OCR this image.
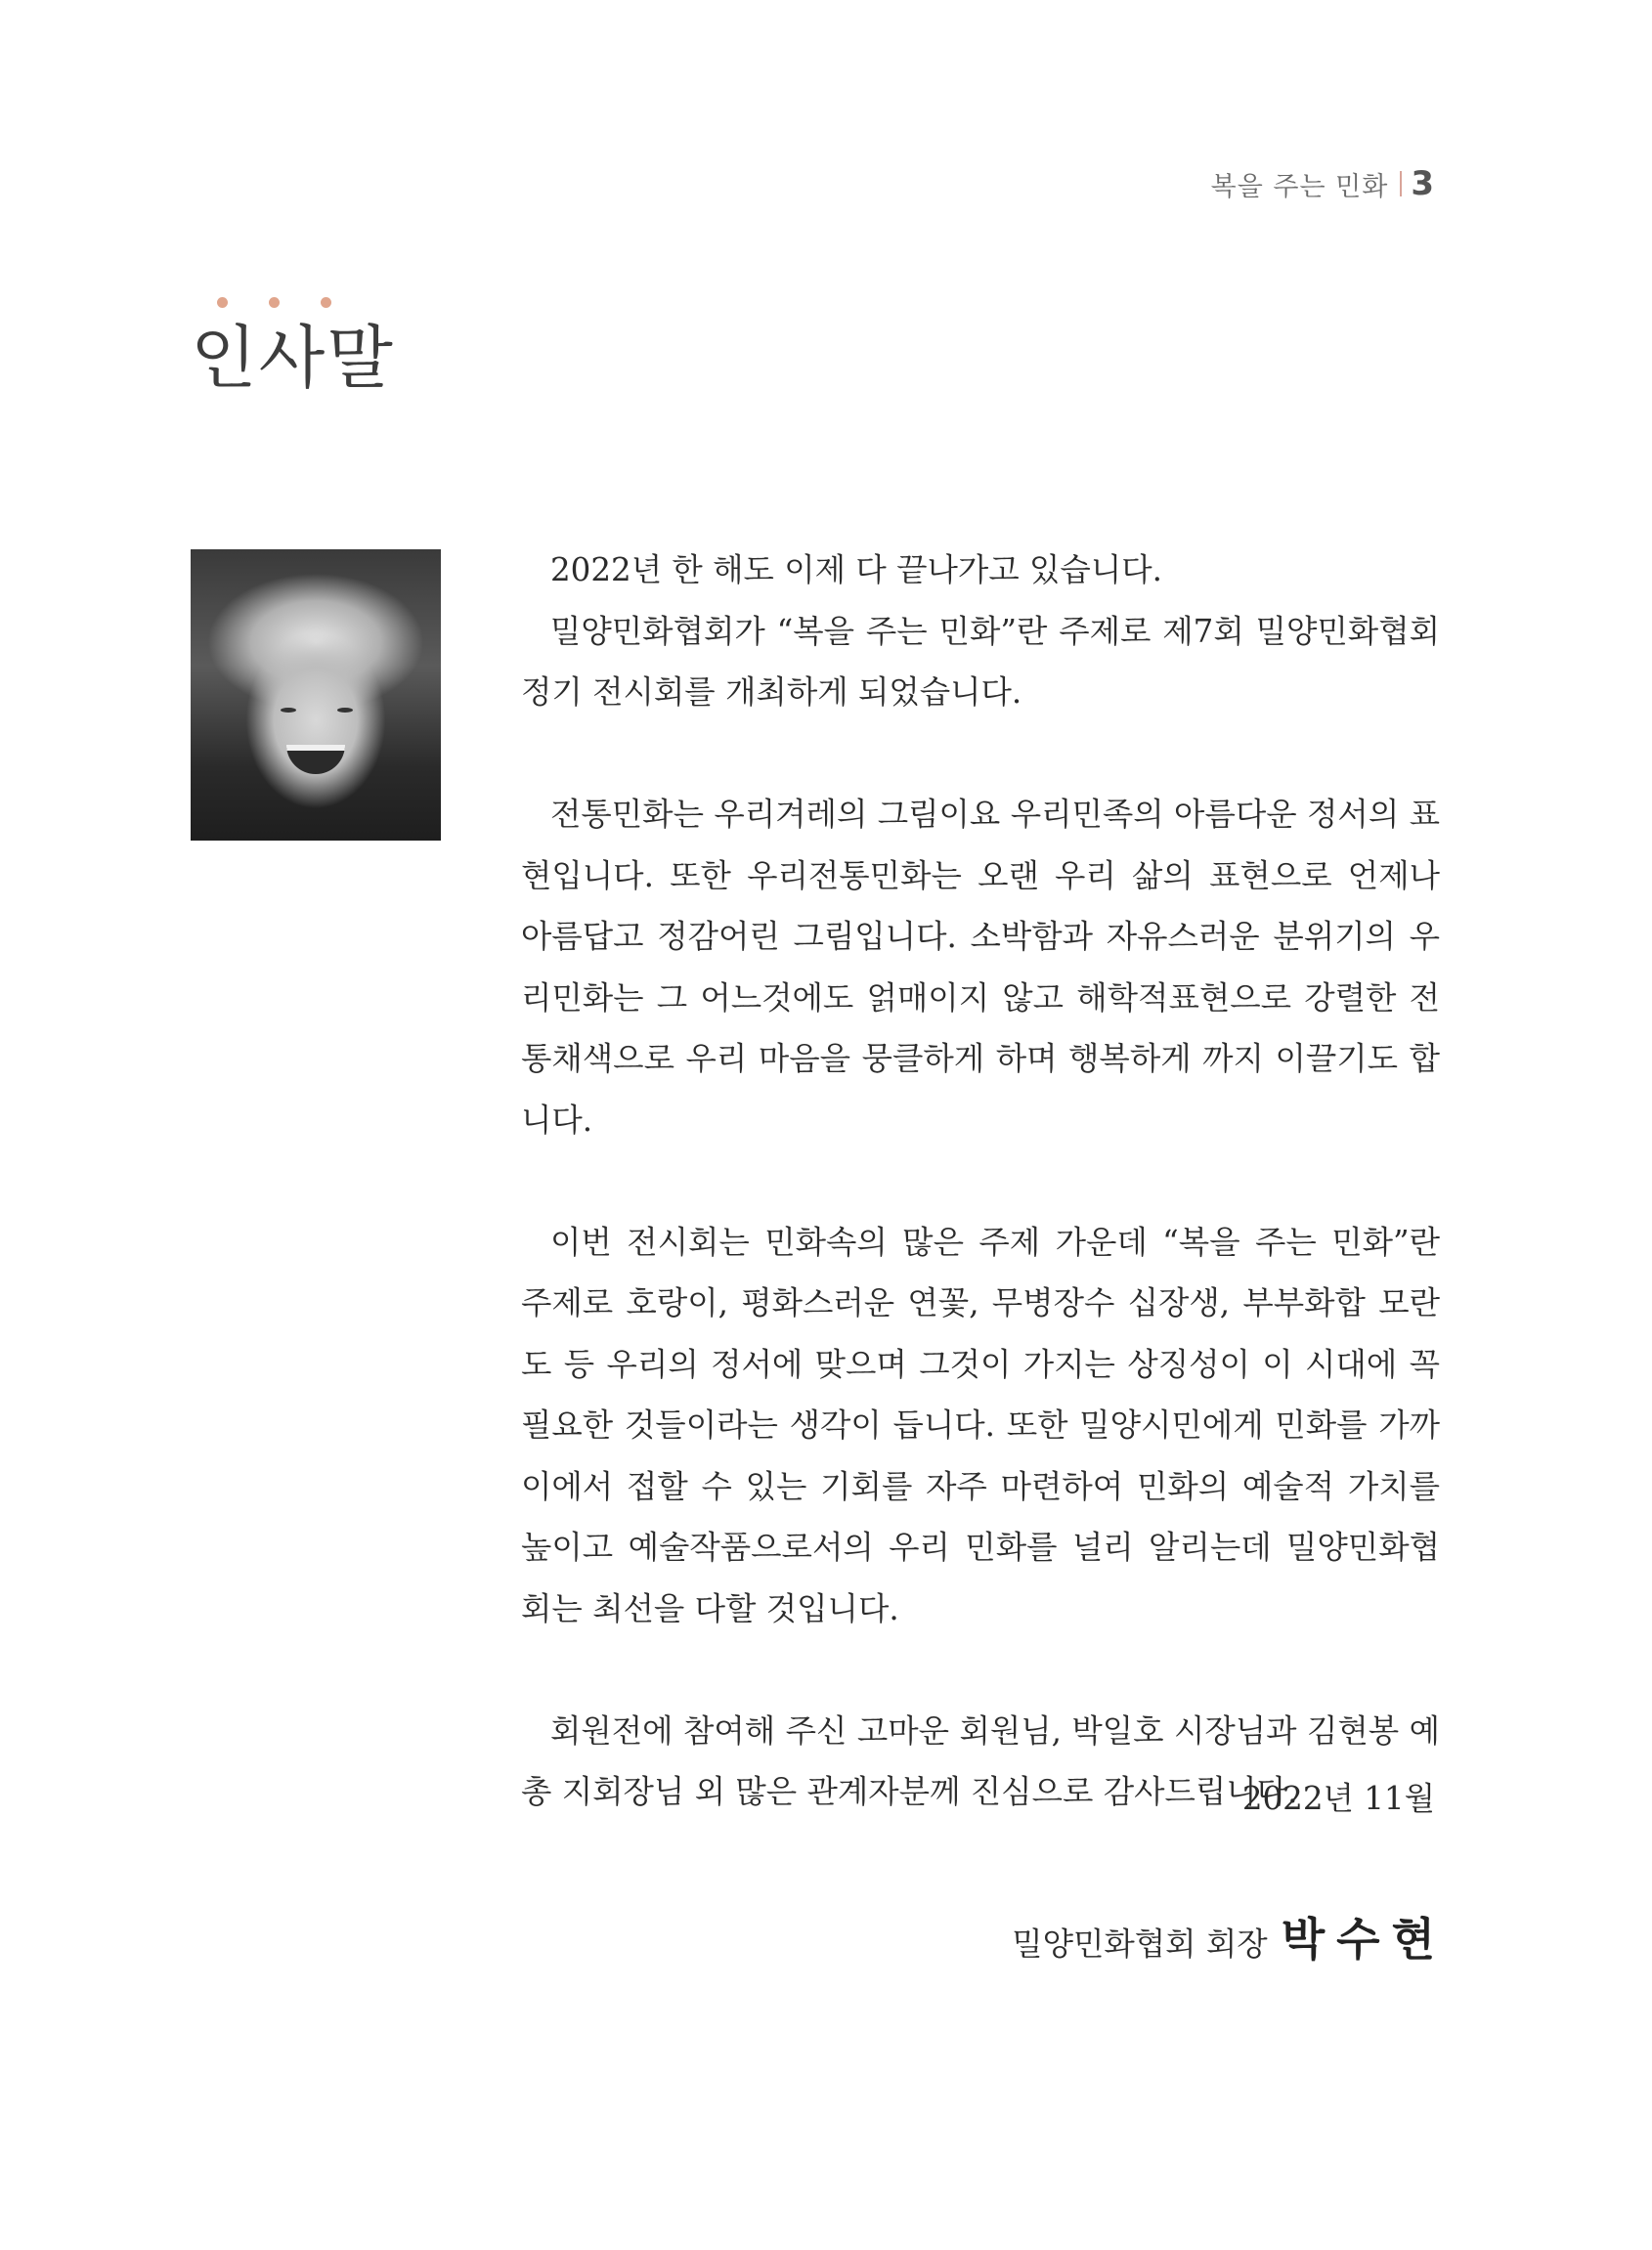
복을 주는 민화 3
인사말

2022년 한 해도 이제 다 끝나가고 있습니다.

밀양민화협회가 “복을 주는 민화”란 주제로 제7회 밀양민화협회 정기 전시회를 개최하게 되었습니다.

전통민화는 우리겨레의 그림이요 우리민족의 아름다운 정서의 표현입니다. 또한 우리전통민화는 오랜 우리 삶의 표현으로 언제나 아름답고 정감어린 그림입니다. 소박함과 자유스러운 분위기의 우리민화는 그 어느것에도 얽매이지 않고 해학적표현으로 강렬한 전통채색으로 우리 마음을 뭉클하게 하며 행복하게 까지 이끌기도 합니다.

이번 전시회는 민화속의 많은 주제 가운데 “복을 주는 민화”란 주제로 호랑이, 평화스러운 연꽃, 무병장수 십장생, 부부화합 모란도 등 우리의 정서에 맞으며 그것이 가지는 상징성이 이 시대에 꼭 필요한 것들이라는 생각이 듭니다. 또한 밀양시민에게 민화를 가까이에서 접할 수 있는 기회를 자주 마련하여 민화의 예술적 가치를 높이고 예술작품으로서의 우리 민화를 널리 알리는데 밀양민화협회는 최선을 다할 것입니다.

회원전에 참여해 주신 고마운 회원님, 박일호 시장님과 김현봉 예총 지회장님 외 많은 관계자분께 진심으로 감사드립니다.

2022년 11월
밀양민화협회 회장 박수현
